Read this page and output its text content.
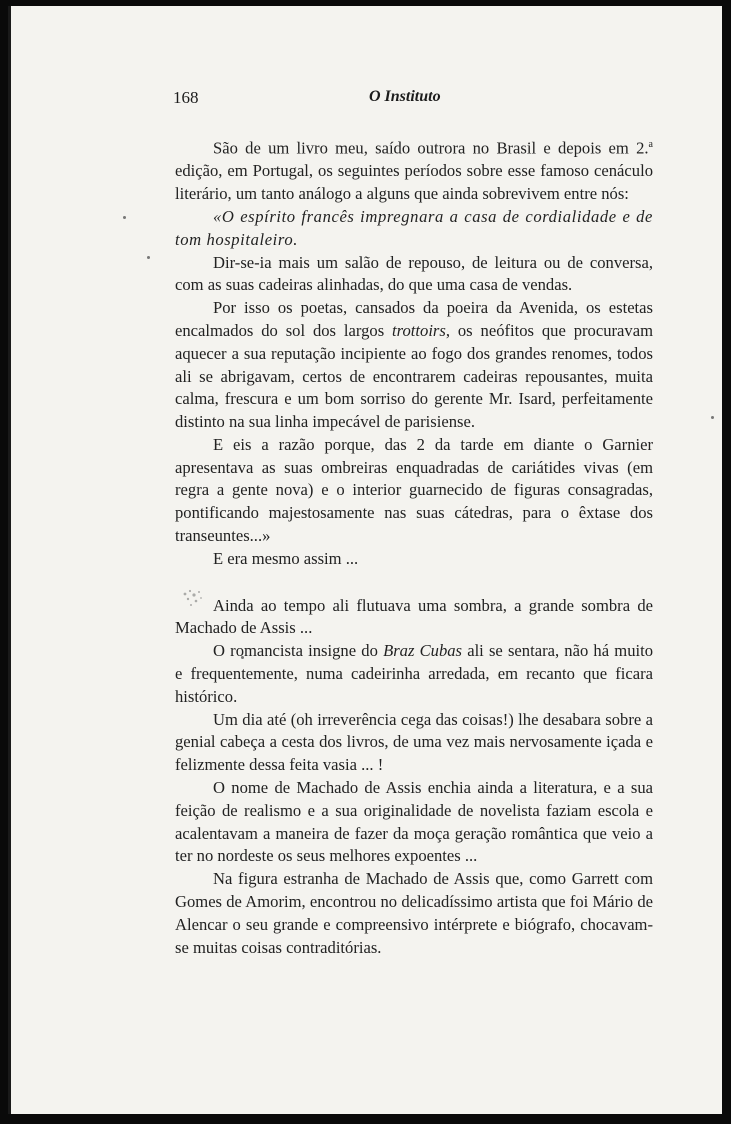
168	O Instituto

São de um livro meu, saído outrora no Brasil e depois em 2.$^a$ edição, em Portugal, os seguintes períodos sobre esse famoso cenáculo literário, um tanto análogo a alguns que ainda sobrevivem entre nós:

«O espírito francês impregnara a casa de cordialidade e de tom hospitaleiro.

Dir-se-ia mais um salão de repouso, de leitura ou de conversa, com as suas cadeiras alinhadas, do que uma casa de vendas.

Por isso os poetas, cansados da poeira da Avenida, os estetas encalmados do sol dos largos trottoirs, os neófitos que procuravam aquecer a sua reputação incipiente ao fogo dos grandes renomes, todos ali se abrigavam, certos de encontrarem cadeiras repousantes, muita calma, frescura e um bom sorriso do gerente Mr. Isard, perfeitamente distinto na sua linha impecável de parisiense.

E eis a razão porque, das 2 da tarde em diante o Garnier apresentava as suas ombreiras enquadradas de cariátides vivas (em regra a gente nova) e o interior guarnecido de figuras consagradas, pontificando majestosamente nas suas cátedras, para o êxtase dos transeuntes...»

E era mesmo assim ...

Ainda ao tempo ali flutuava uma sombra, a grande sombra de Machado de Assis ...

O romancista insigne do Braz Cubas ali se sentara, não há muito e frequentemente, numa cadeirinha arredada, em recanto que ficara histórico.

Um dia até (oh irreverência cega das coisas!) lhe desabara sobre a genial cabeça a cesta dos livros, de uma vez mais nervosamente içada e felizmente dessa feita vasia ... !

O nome de Machado de Assis enchia ainda a literatura, e a sua feição de realismo e a sua originalidade de novelista faziam escola e acalentavam a maneira de fazer da moça geração romântica que veio a ter no nordeste os seus melhores expoentes ...

Na figura estranha de Machado de Assis que, como Garrett com Gomes de Amorim, encontrou no delicadíssimo artista que foi Mário de Alencar o seu grande e compreensivo intérprete e biógrafo, chocavam-se muitas coisas contraditórias.
